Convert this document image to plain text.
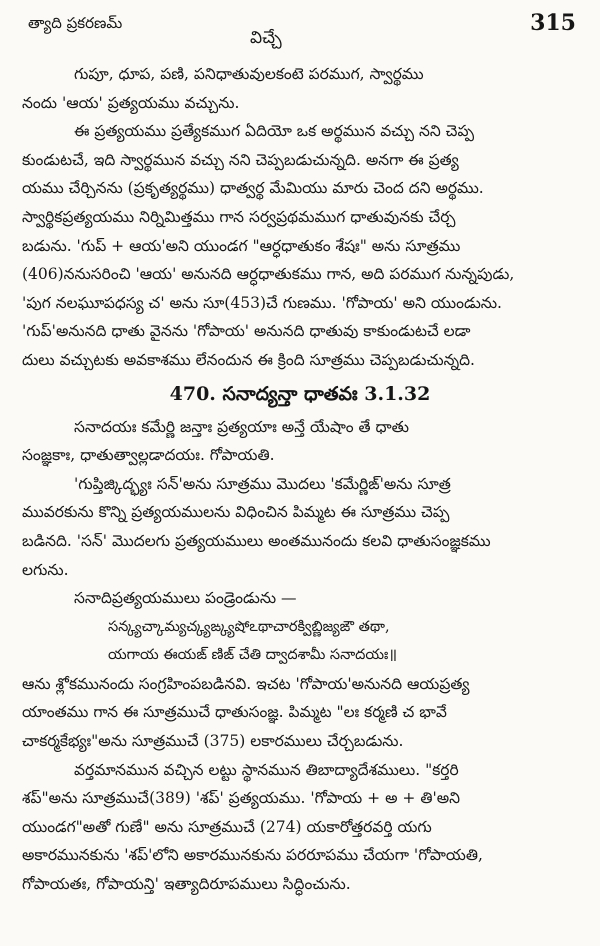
త్యాది ప్రకరణమ్
విచ్చే
315
గుపూ, ధూప, పణి, పనిధాతువులకంటె పరముగ, స్వార్థము
నందు 'ఆయ' ప్రత్యయము వచ్చును.
ఈ ప్రత్యయము ప్రత్యేకముగ ఏదియో ఒక అర్థమున వచ్చు నని చెప్ప
కుండుటచే, ఇది స్వార్థమున వచ్చు నని చెప్పబడుచున్నది. అనగా ఈ ప్రత్య
యము చేర్చినను (ప్రకృత్యర్థము) ధాత్వర్థ మేమియు మారు చెంద దని అర్థము.
స్వార్థికప్రత్యయము నిర్నిమిత్తము గాన సర్వప్రథమముగ ధాతువునకు చేర్చ
బడును. 'గుప్ + ఆయ'అని యుండగ "ఆర్ధధాతుకం శేషః" అను సూత్రము
(406)ననుసరించి 'ఆయ' అనునది ఆర్ధధాతుకము గాన, అది పరముగ నున్నపుడు,
'పుగ నలఘూపధస్య చ' అను సూ(453)చే గుణము. 'గోపాయ' అని యుండును.
'గుప్'అనునది ధాతు వైనను 'గోపాయ' అనునది ధాతువు కాకుండుటచే లడా
దులు వచ్చుటకు అవకాశము లేనందున ఈ క్రింది సూత్రము చెప్పబడుచున్నది.
470. సనాద్యన్తా ధాతవః 3.1.32
సనాదయః కమేర్ణి జన్తాః ప్రత్యయాః అన్తే యేషాం తే ధాతు
సంజ్ఞకాః, ధాతుత్వాల్లడాదయః. గోపాయతి.
'గుప్తిజ్కిద్భ్యః సన్'అను సూత్రము మొదలు 'కమేర్ణిఙ్'అను సూత్ర
మువరకును కొన్ని ప్రత్యయములను విధించిన పిమ్మట ఈ సూత్రము చెప్ప
బడినది. 'సన్' మొదలగు ప్రత్యయములు అంతమునందు కలవి ధాతుసంజ్ఞకము
లగును.
సనాదిప్రత్యయములు పండ్రెండును —
సన్క్యచ్కామ్యచ్క్యఙ్క్యషోఽథాచారక్విబ్ణిజ్యఙౌ తథా,
యగాయ ఈయఙ్ ణిఙ్ చేతి ద్వాదశామీ సనాదయః॥
ఆను శ్లోకమునందు సంగ్రహింపబడినవి. ఇచట 'గోపాయ'అనునది ఆయప్రత్య
యాంతము గాన ఈ సూత్రముచే ధాతుసంజ్ఞ. పిమ్మట "లః కర్మణి చ భావే
చాకర్మకేభ్యః"అను సూత్రముచే (375) లకారములు చేర్చబడును.
వర్తమానమున వచ్చిన లట్టు స్థానమున తిబాద్యాదేశములు. "కర్తరి
శప్"అను సూత్రముచే(389) 'శప్' ప్రత్యయము. 'గోపాయ + అ + తి'అని
యుండగ"అతో గుణే" అను సూత్రముచే (274) యకారోత్తరవర్తి యగు
అకారమునకును 'శప్'లోని అకారమునకును పరరూపము చేయగా 'గోపాయతి,
గోపాయతః, గోపాయన్తి' ఇత్యాదిరూపములు సిద్ధించును.
